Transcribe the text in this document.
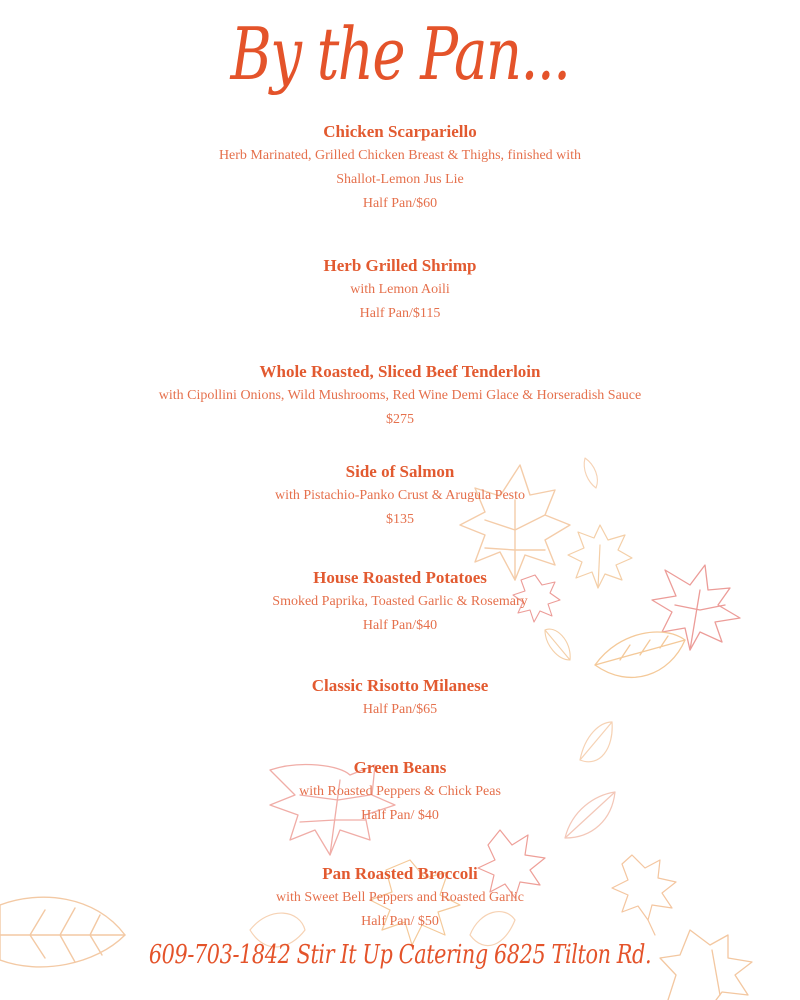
By the Pan...
Chicken Scarpariello
Herb Marinated, Grilled Chicken Breast & Thighs, finished with
Shallot-Lemon Jus Lie
Half Pan/$60
Herb Grilled Shrimp
with Lemon Aoili
Half Pan/$115
Whole Roasted, Sliced Beef Tenderloin
with Cipollini Onions, Wild Mushrooms, Red Wine Demi Glace & Horseradish Sauce
$275
Side of Salmon
with Pistachio-Panko Crust & Arugula Pesto
$135
House Roasted Potatoes
Smoked Paprika, Toasted Garlic & Rosemary
Half Pan/$40
Classic Risotto Milanese
Half Pan/$65
Green Beans
with Roasted Peppers & Chick Peas
Half Pan/ $40
Pan Roasted Broccoli
with Sweet Bell Peppers and Roasted Garlic
Half Pan/ $50
609-703-1842 Stir It Up Catering 6825 Tilton Rd.
